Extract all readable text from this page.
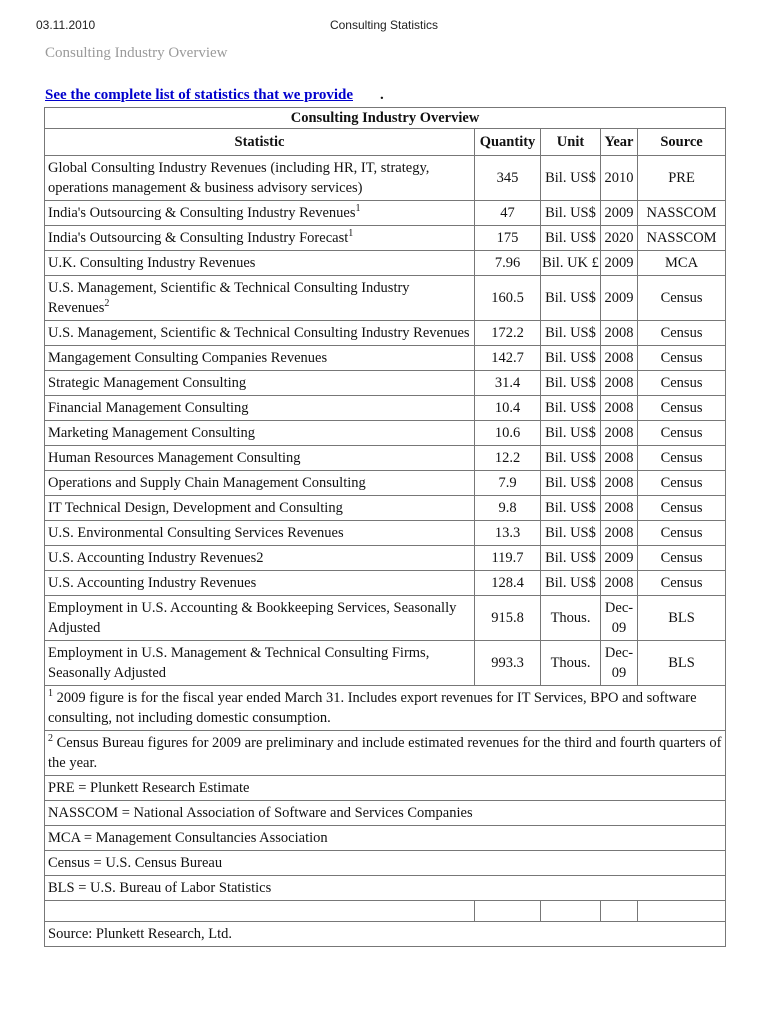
03.11.2010	Consulting Statistics
Consulting Industry Overview
See the complete list of statistics that we provide .
Consulting Industry Overview				
Statistic	Quantity	Unit	Year	Source
Global Consulting Industry Revenues (including HR, IT, strategy, operations management & business advisory services)	345	Bil. US$	2010	PRE
India's Outsourcing & Consulting Industry Revenues$^1$	47	Bil. US$	2009	NASSCOM
India's Outsourcing & Consulting Industry Forecast$^1$	175	Bil. US$	2020	NASSCOM
U.K. Consulting Industry Revenues	7.96	Bil. UK £	2009	MCA
U.S. Management, Scientific & Technical Consulting Industry Revenues$^2$	160.5	Bil. US$	2009	Census
U.S. Management, Scientific & Technical Consulting Industry Revenues	172.2	Bil. US$	2008	Census
Mangagement Consulting Companies Revenues	142.7	Bil. US$	2008	Census
Strategic Management Consulting	31.4	Bil. US$	2008	Census
Financial Management Consulting	10.4	Bil. US$	2008	Census
Marketing Management Consulting	10.6	Bil. US$	2008	Census
Human Resources Management Consulting	12.2	Bil. US$	2008	Census
Operations and Supply Chain Management Consulting	7.9	Bil. US$	2008	Census
IT Technical Design, Development and Consulting	9.8	Bil. US$	2008	Census
U.S. Environmental Consulting Services Revenues	13.3	Bil. US$	2008	Census
U.S. Accounting Industry Revenues2	119.7	Bil. US$	2009	Census
U.S. Accounting Industry Revenues	128.4	Bil. US$	2008	Census
Employment in U.S. Accounting & Bookkeeping Services, Seasonally Adjusted	915.8	Thous.	Dec-09	BLS
Employment in U.S. Management & Technical Consulting Firms, Seasonally Adjusted	993.3	Thous.	Dec-09	BLS
$^1$ 2009 figure is for the fiscal year ended March 31. Includes export revenues for IT Services, BPO and software consulting, not including domestic consumption.				
$^2$ Census Bureau figures for 2009 are preliminary and include estimated revenues for the third and fourth quarters of the year.				
PRE = Plunkett Research Estimate				
NASSCOM = National Association of Software and Services Companies				
MCA = Management Consultancies Association				
Census = U.S. Census Bureau				
BLS = U.S. Bureau of Labor Statistics				

Source: Plunkett Research, Ltd.				
